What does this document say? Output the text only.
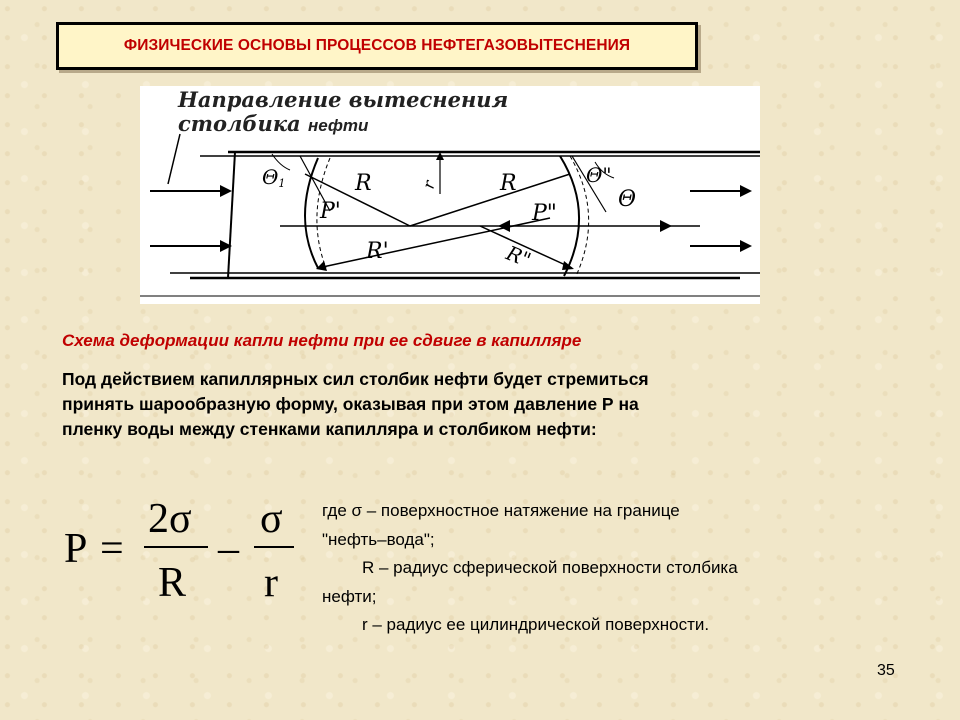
ФИЗИЧЕСКИЕ ОСНОВЫ ПРОЦЕССОВ НЕФТЕГАЗОВЫТЕСНЕНИЯ
Θ1	R	r	R	Θ"
Θ
P'	P"
R'	R"
Направление вытеснения
столбика нефти
Схема деформации капли нефти при ее сдвиге в капилляре
Под действием капиллярных сил столбик нефти будет стремиться
принять шарообразную форму, оказывая при этом давление Р на
пленку воды между стенками капилляра и столбиком нефти:
P =
2σ
R
–
σ
r
где σ – поверхностное натяжение на границе
"нефть–вода";
R – радиус сферической поверхности столбика
нефти;
r – радиус ее цилиндрической поверхности.
35
